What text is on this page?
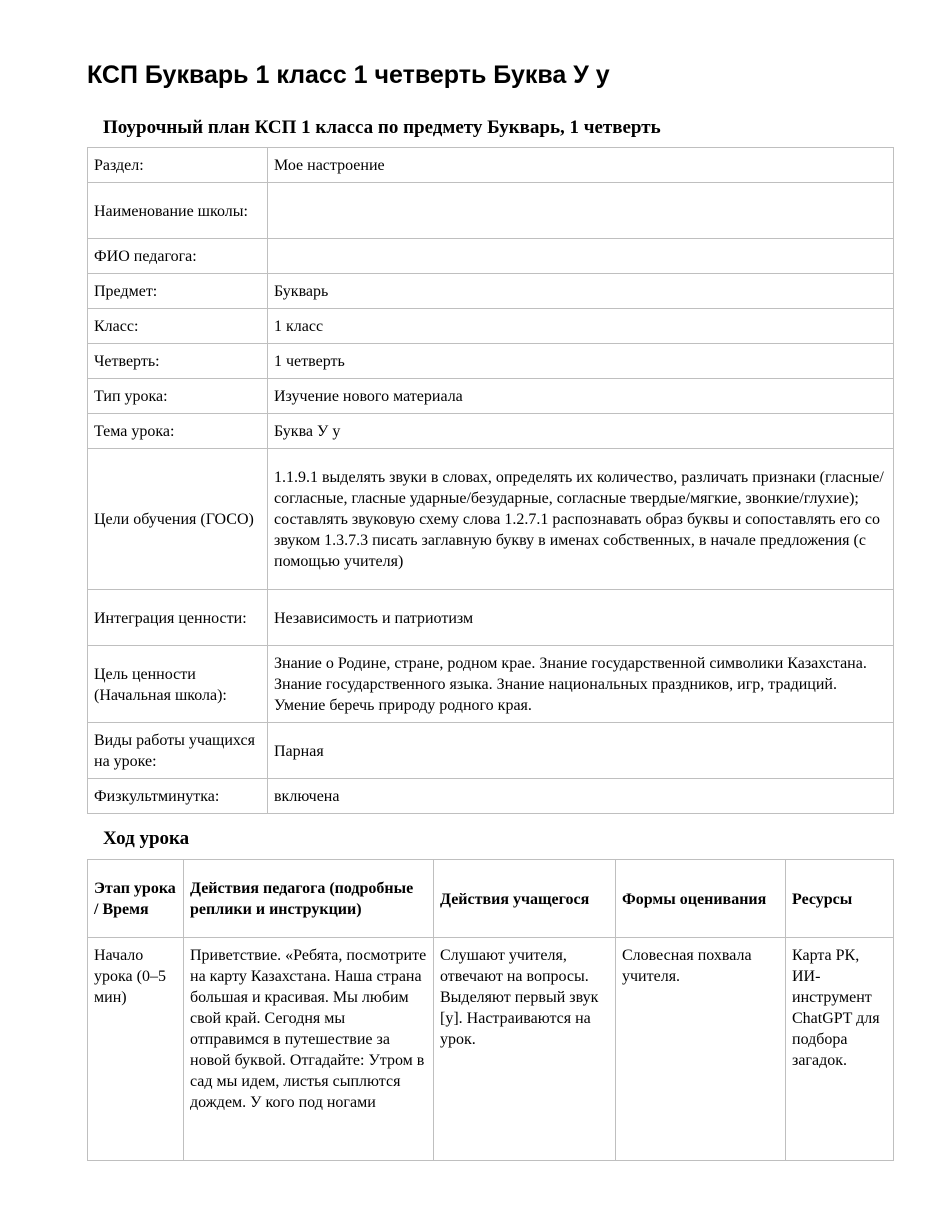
КСП Букварь 1 класс 1 четверть Буква У у
Поурочный план КСП 1 класса по предмету Букварь, 1 четверть
Раздел:	Мое настроение
Наименование школы:	
ФИО педагога:	
Предмет:	Букварь
Класс:	1 класс
Четверть:	1 четверть
Тип урока:	Изучение нового материала
Тема урока:	Буква У у
Цели обучения (ГОСО)	1.1.9.1 выделять звуки в словах, определять их количество, различать признаки (гласные/ согласные, гласные ударные/безударные, согласные твердые/мягкие, звонкие/глухие); составлять звуковую схему слова 1.2.7.1 распознавать образ буквы и сопоставлять его со звуком 1.3.7.3 писать заглавную букву в именах собственных, в начале предложения (с помощью учителя)
Интеграция ценности:	Независимость и патриотизм
Цель ценности (Начальная школа):	Знание о Родине, стране, родном крае. Знание государственной символики Казахстана. Знание государственного языка. Знание национальных праздников, игр, традиций. Умение беречь природу родного края.
Виды работы учащихся на уроке:	Парная
Физкультминутка:	включена
Ход урока
Этап урока / Время	Действия педагога (подробные реплики и инструкции)	Действия учащегося	Формы оценивания	Ресурсы

Начало урока (0–5 мин)	Приветствие. «Ребята, посмотрите на карту Казахстана. Наша страна большая и красивая. Мы любим свой край. Сегодня мы отправимся в путешествие за новой буквой. Отгадайте: Утром в сад мы идем, листья сыплются дождем. У кого под ногами	Слушают учителя, отвечают на вопросы. Выделяют первый звук [у]. Настраиваются на урок.	Словесная похвала учителя.	Карта РК, ИИ-инструмент ChatGPT для подбора загадок.
